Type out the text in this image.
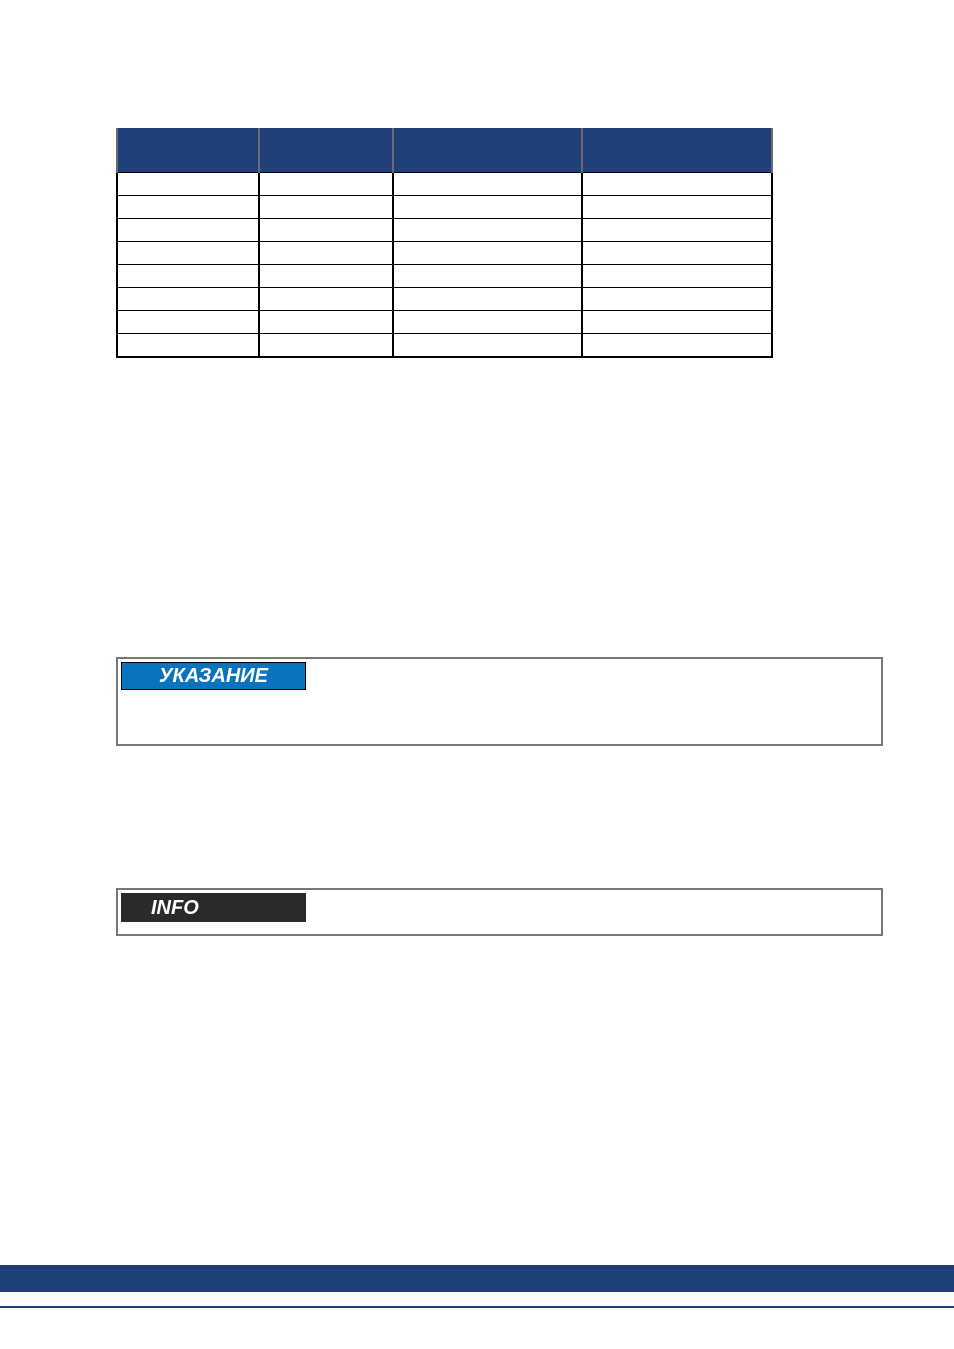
УКАЗАНИЕ
INFO
